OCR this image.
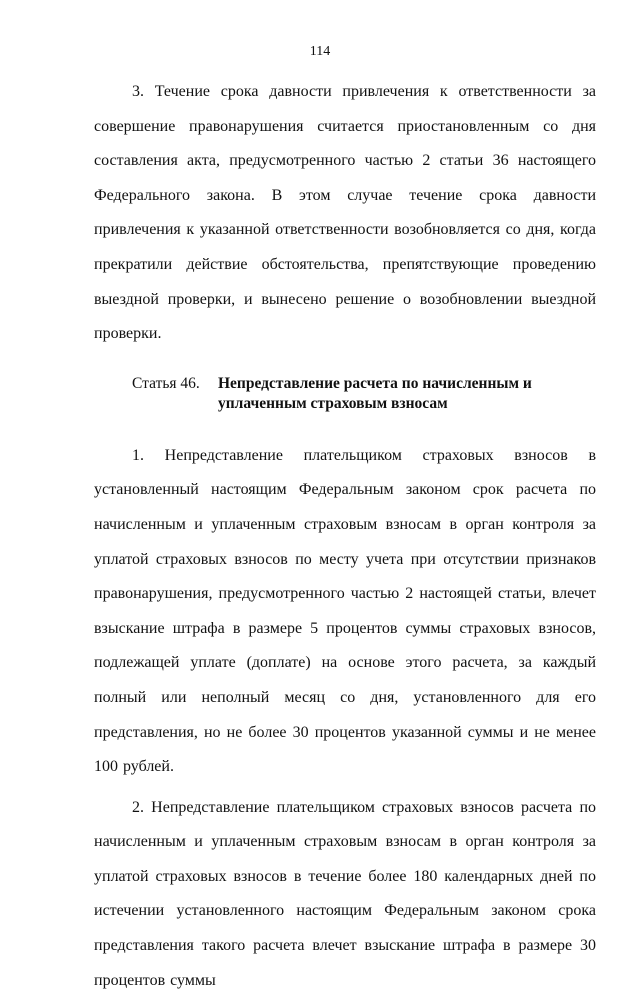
114

3. Течение срока давности привлечения к ответственности за совершение правонарушения считается приостановленным со дня составления акта, предусмотренного частью 2 статьи 36 настоящего Федерального закона. В этом случае течение срока давности привлечения к указанной ответственности возобновляется со дня, когда прекратили действие обстоятельства, препятствующие проведению выездной проверки, и вынесено решение о возобновлении выездной проверки.

Статья 46.	Непредставление расчета по начисленным и уплаченным страховым взносам

1. Непредставление плательщиком страховых взносов в установленный настоящим Федеральным законом срок расчета по начисленным и уплаченным страховым взносам в орган контроля за уплатой страховых взносов по месту учета при отсутствии признаков правонарушения, предусмотренного частью 2 настоящей статьи, влечет взыскание штрафа в размере 5 процентов суммы страховых взносов, подлежащей уплате (доплате) на основе этого расчета, за каждый полный или неполный месяц со дня, установленного для его представления, но не более 30 процентов указанной суммы и не менее 100 рублей.

2. Непредставление плательщиком страховых взносов расчета по начисленным и уплаченным страховым взносам в орган контроля за уплатой страховых взносов в течение более 180 календарных дней по истечении установленного настоящим Федеральным законом срока представления такого расчета влечет взыскание штрафа в размере 30 процентов суммы
